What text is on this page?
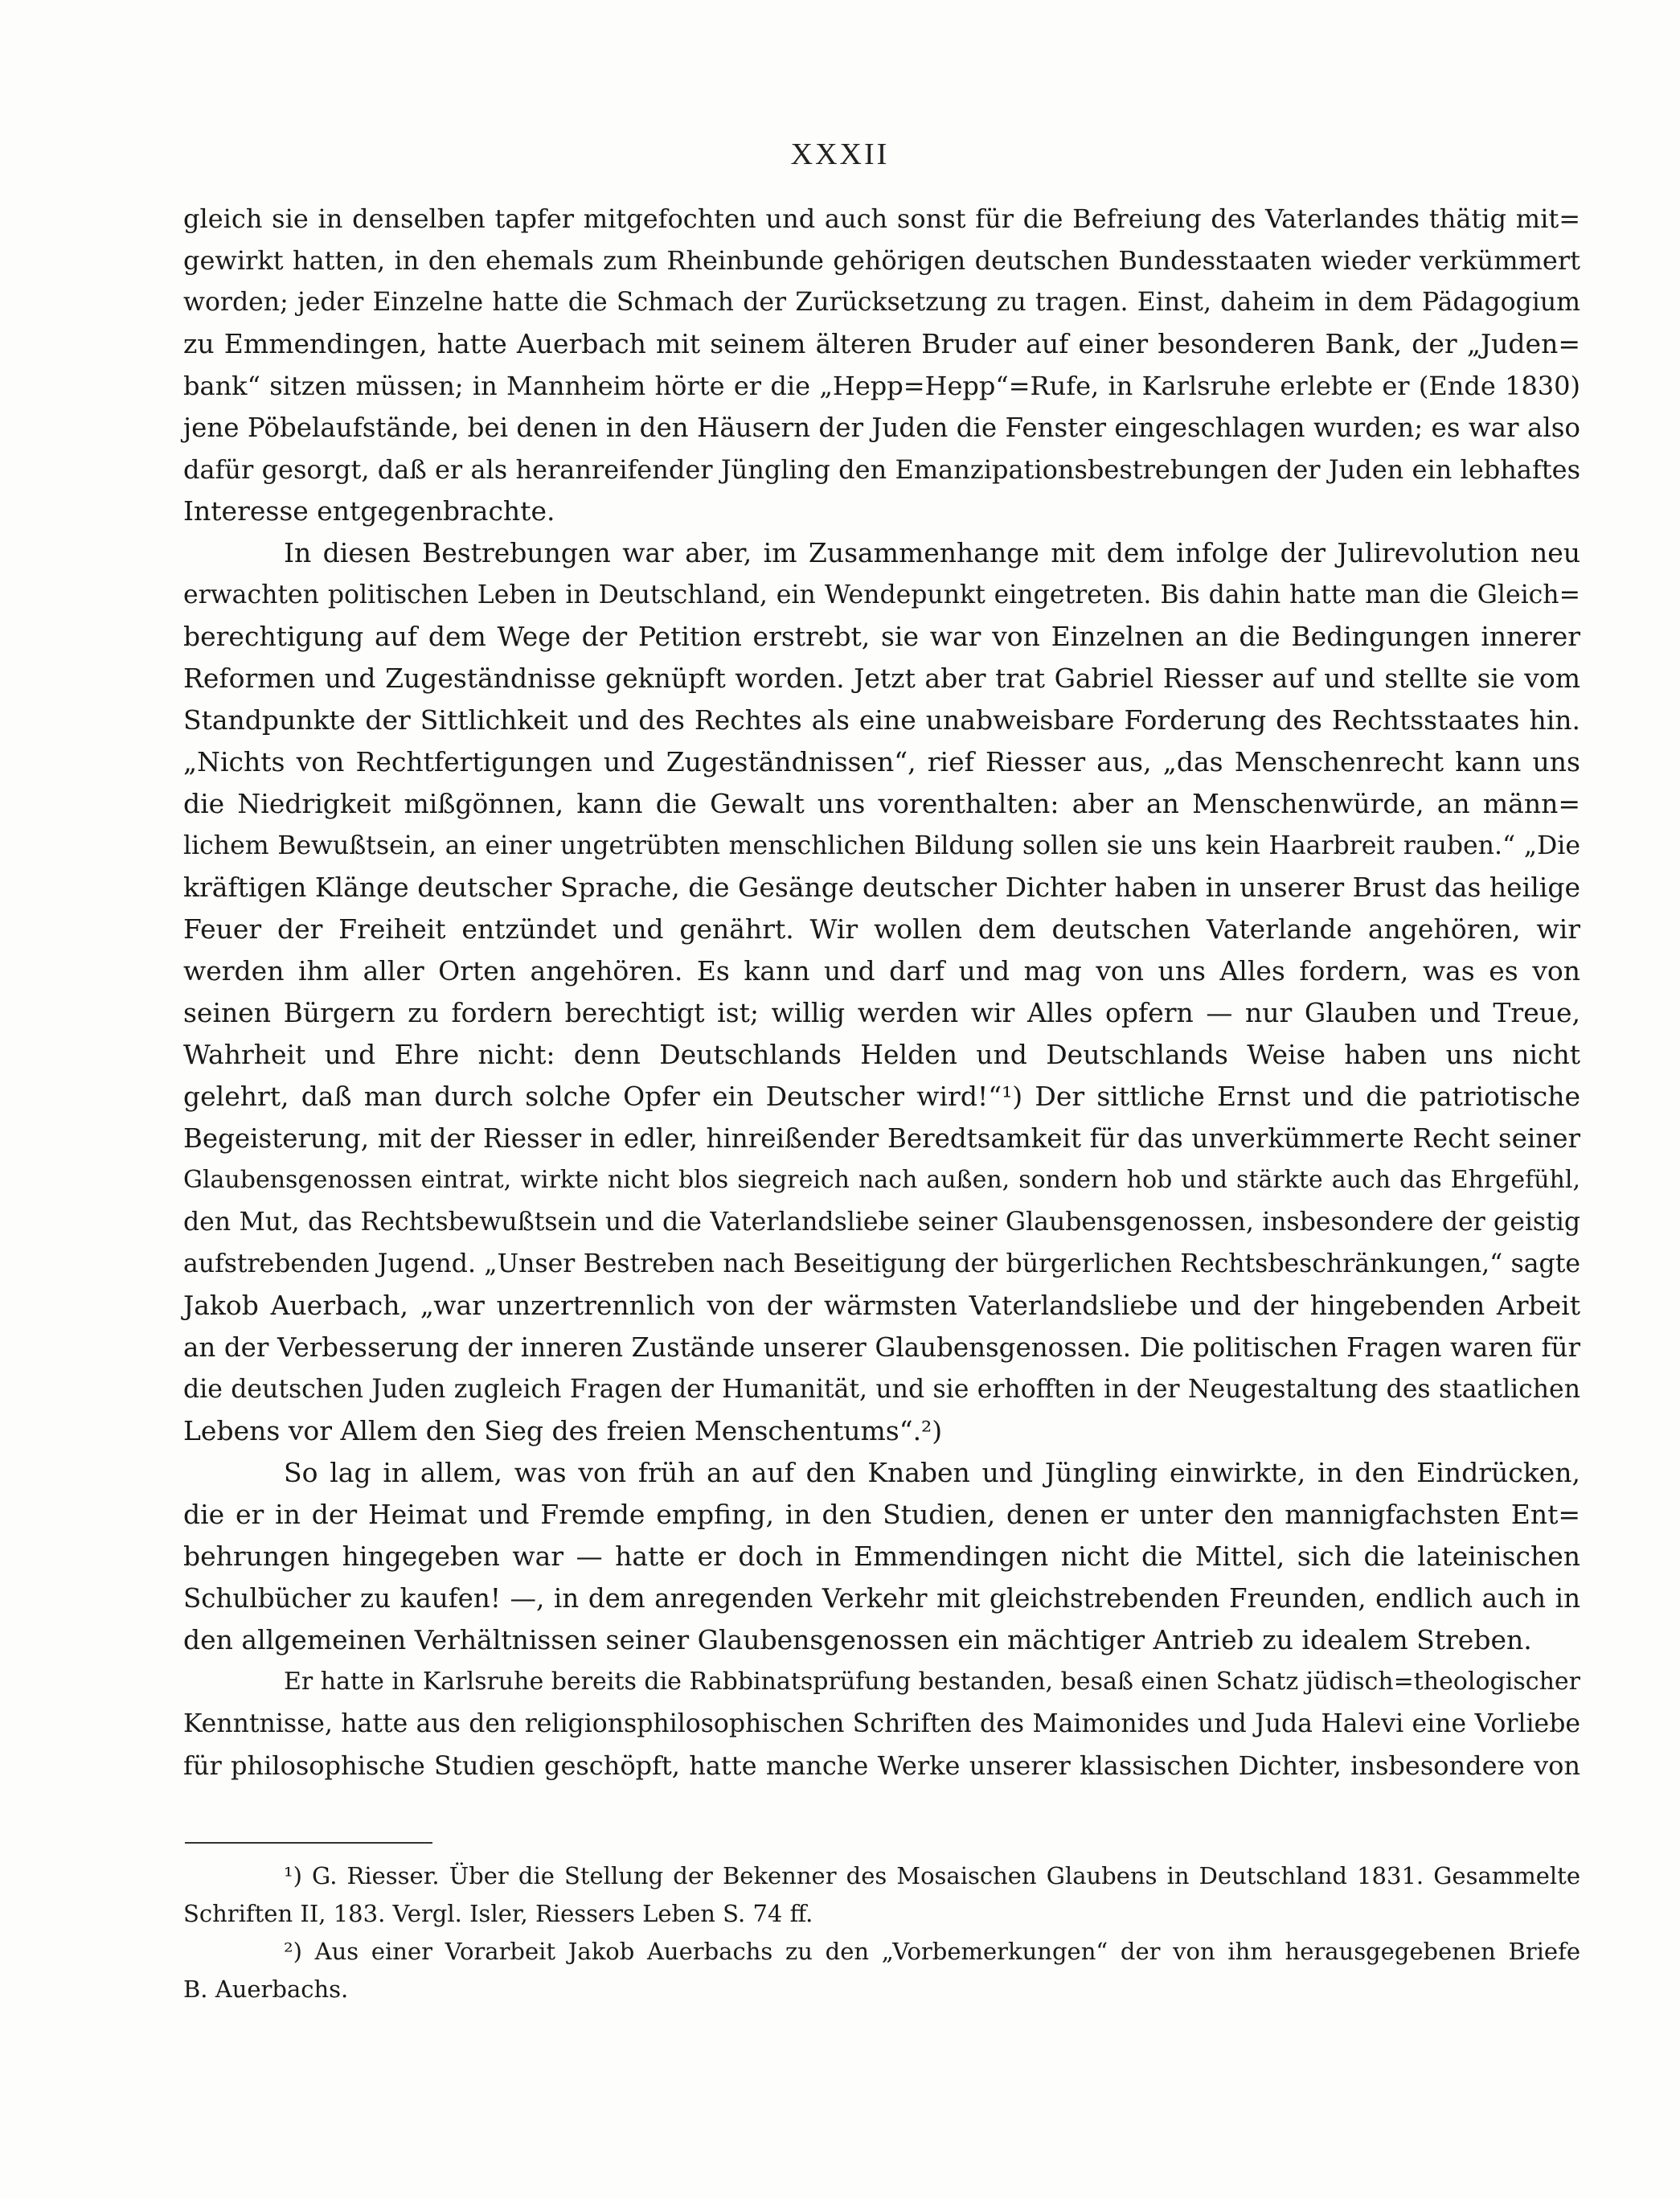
XXXII
gleich sie in denselben tapfer mitgefochten und auch sonst für die Befreiung des Vaterlandes thätig mit=
gewirkt hatten, in den ehemals zum Rheinbunde gehörigen deutschen Bundesstaaten wieder verkümmert
worden; jeder Einzelne hatte die Schmach der Zurücksetzung zu tragen. Einst, daheim in dem Pädagogium
zu Emmendingen, hatte Auerbach mit seinem älteren Bruder auf einer besonderen Bank, der „Juden=
bank“ sitzen müssen; in Mannheim hörte er die „Hepp=Hepp“=Rufe, in Karlsruhe erlebte er (Ende 1830)
jene Pöbelaufstände, bei denen in den Häusern der Juden die Fenster eingeschlagen wurden; es war also
dafür gesorgt, daß er als heranreifender Jüngling den Emanzipationsbestrebungen der Juden ein lebhaftes
Interesse entgegenbrachte.
In diesen Bestrebungen war aber, im Zusammenhange mit dem infolge der Julirevolution neu
erwachten politischen Leben in Deutschland, ein Wendepunkt eingetreten. Bis dahin hatte man die Gleich=
berechtigung auf dem Wege der Petition erstrebt, sie war von Einzelnen an die Bedingungen innerer
Reformen und Zugeständnisse geknüpft worden. Jetzt aber trat Gabriel Riesser auf und stellte sie vom
Standpunkte der Sittlichkeit und des Rechtes als eine unabweisbare Forderung des Rechtsstaates hin.
„Nichts von Rechtfertigungen und Zugeständnissen“, rief Riesser aus, „das Menschenrecht kann uns
die Niedrigkeit mißgönnen, kann die Gewalt uns vorenthalten: aber an Menschenwürde, an männ=
lichem Bewußtsein, an einer ungetrübten menschlichen Bildung sollen sie uns kein Haarbreit rauben.“ „Die
kräftigen Klänge deutscher Sprache, die Gesänge deutscher Dichter haben in unserer Brust das heilige
Feuer der Freiheit entzündet und genährt. Wir wollen dem deutschen Vaterlande angehören, wir
werden ihm aller Orten angehören. Es kann und darf und mag von uns Alles fordern, was es von
seinen Bürgern zu fordern berechtigt ist; willig werden wir Alles opfern — nur Glauben und Treue,
Wahrheit und Ehre nicht: denn Deutschlands Helden und Deutschlands Weise haben uns nicht
gelehrt, daß man durch solche Opfer ein Deutscher wird!“¹) Der sittliche Ernst und die patriotische
Begeisterung, mit der Riesser in edler, hinreißender Beredtsamkeit für das unverkümmerte Recht seiner
Glaubensgenossen eintrat, wirkte nicht blos siegreich nach außen, sondern hob und stärkte auch das Ehrgefühl,
den Mut, das Rechtsbewußtsein und die Vaterlandsliebe seiner Glaubensgenossen, insbesondere der geistig
aufstrebenden Jugend. „Unser Bestreben nach Beseitigung der bürgerlichen Rechtsbeschränkungen,“ sagte
Jakob Auerbach, „war unzertrennlich von der wärmsten Vaterlandsliebe und der hingebenden Arbeit
an der Verbesserung der inneren Zustände unserer Glaubensgenossen. Die politischen Fragen waren für
die deutschen Juden zugleich Fragen der Humanität, und sie erhofften in der Neugestaltung des staatlichen
Lebens vor Allem den Sieg des freien Menschentums“.²)
So lag in allem, was von früh an auf den Knaben und Jüngling einwirkte, in den Eindrücken,
die er in der Heimat und Fremde empfing, in den Studien, denen er unter den mannigfachsten Ent=
behrungen hingegeben war — hatte er doch in Emmendingen nicht die Mittel, sich die lateinischen
Schulbücher zu kaufen! —, in dem anregenden Verkehr mit gleichstrebenden Freunden, endlich auch in
den allgemeinen Verhältnissen seiner Glaubensgenossen ein mächtiger Antrieb zu idealem Streben.
Er hatte in Karlsruhe bereits die Rabbinatsprüfung bestanden, besaß einen Schatz jüdisch=theologischer
Kenntnisse, hatte aus den religionsphilosophischen Schriften des Maimonides und Juda Halevi eine Vorliebe
für philosophische Studien geschöpft, hatte manche Werke unserer klassischen Dichter, insbesondere von
¹) G. Riesser. Über die Stellung der Bekenner des Mosaischen Glaubens in Deutschland 1831. Gesammelte
Schriften II, 183. Vergl. Isler, Riessers Leben S. 74 ff.
²) Aus einer Vorarbeit Jakob Auerbachs zu den „Vorbemerkungen“ der von ihm herausgegebenen Briefe
B. Auerbachs.
